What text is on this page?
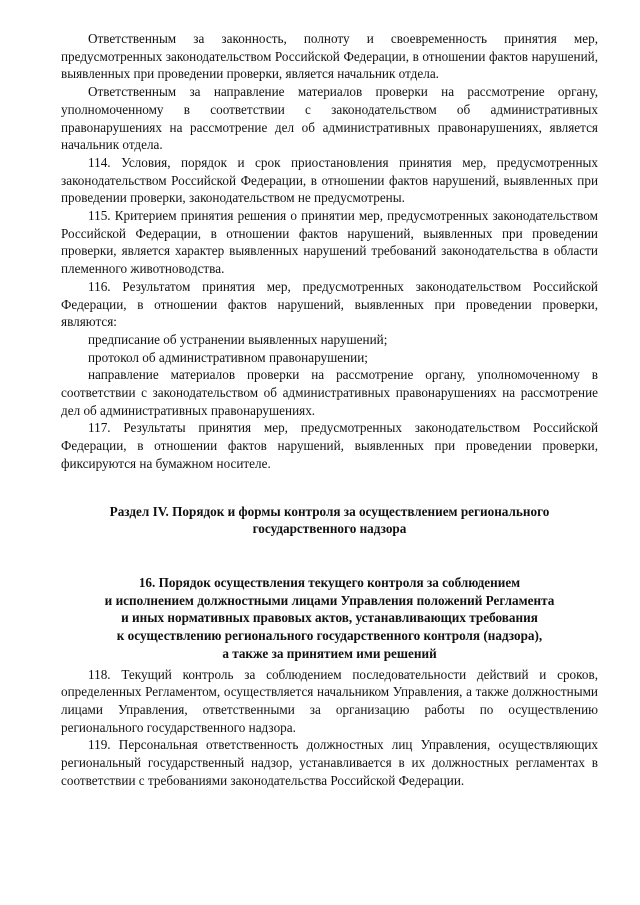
Ответственным за законность, полноту и своевременность принятия мер, предусмотренных законодательством Российской Федерации, в отношении фактов нарушений, выявленных при проведении проверки, является начальник отдела.

Ответственным за направление материалов проверки на рассмотрение органу, уполномоченному в соответствии с законодательством об административных правонарушениях на рассмотрение дел об административных правонарушениях, является начальник отдела.

114. Условия, порядок и срок приостановления принятия мер, предусмотренных законодательством Российской Федерации, в отношении фактов нарушений, выявленных при проведении проверки, законодательством не предусмотрены.

115. Критерием принятия решения о принятии мер, предусмотренных законодательством Российской Федерации, в отношении фактов нарушений, выявленных при проведении проверки, является характер выявленных нарушений требований законодательства в области племенного животноводства.

116. Результатом принятия мер, предусмотренных законодательством Российской Федерации, в отношении фактов нарушений, выявленных при проведении проверки, являются:

предписание об устранении выявленных нарушений;

протокол об административном правонарушении;

направление материалов проверки на рассмотрение органу, уполномоченному в соответствии с законодательством об административных правонарушениях на рассмотрение дел об административных правонарушениях.

117. Результаты принятия мер, предусмотренных законодательством Российской Федерации, в отношении фактов нарушений, выявленных при проведении проверки, фиксируются на бумажном носителе.

Раздел IV. Порядок и формы контроля за осуществлением регионального
государственного надзора
16. Порядок осуществления текущего контроля за соблюдением
и исполнением должностными лицами Управления положений Регламента
и иных нормативных правовых актов, устанавливающих требования
к осуществлению регионального государственного контроля (надзора),
а также за принятием ими решений

118. Текущий контроль за соблюдением последовательности действий и сроков, определенных Регламентом, осуществляется начальником Управления, а также должностными лицами Управления, ответственными за организацию работы по осуществлению регионального государственного надзора.

119. Персональная ответственность должностных лиц Управления, осуществляющих региональный государственный надзор, устанавливается в их должностных регламентах в соответствии с требованиями законодательства Российской Федерации.
